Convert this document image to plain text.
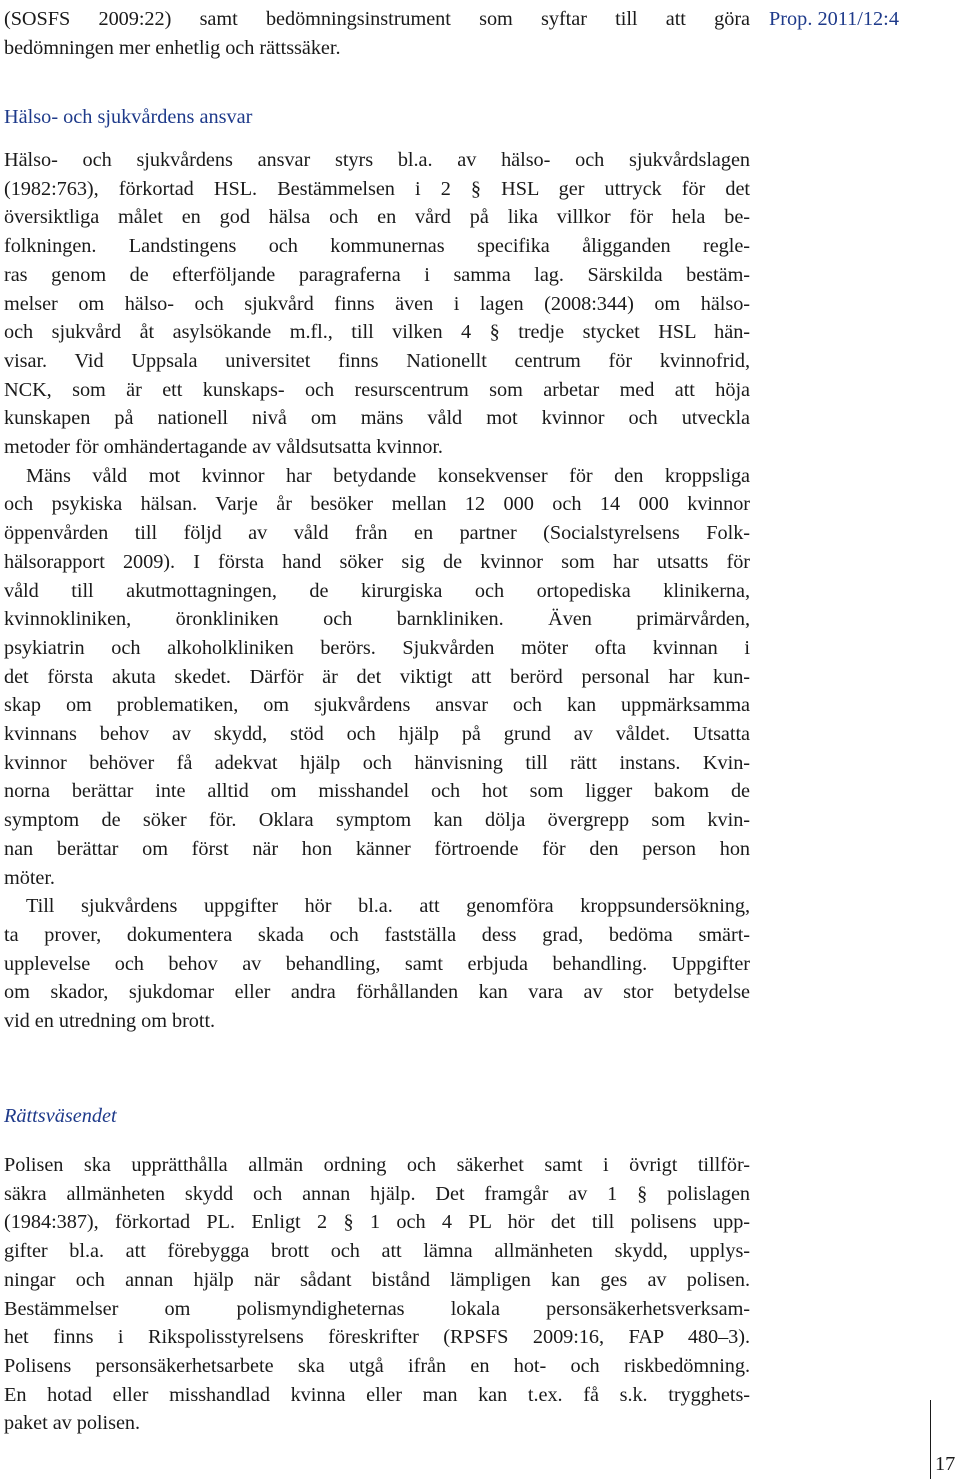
Prop. 2011/12:4
(SOSFS 2009:22) samt bedömningsinstrument som syftar till att göra
bedömningen mer enhetlig och rättssäker.
Hälso- och sjukvårdens ansvar
Hälso- och sjukvårdens ansvar styrs bl.a. av hälso- och sjukvårdslagen
(1982:763), förkortad HSL. Bestämmelsen i 2 § HSL ger uttryck för det
översiktliga målet en god hälsa och en vård på lika villkor för hela be-
folkningen. Landstingens och kommunernas specifika åligganden regle-
ras genom de efterföljande paragraferna i samma lag. Särskilda bestäm-
melser om hälso- och sjukvård finns även i lagen (2008:344) om hälso-
och sjukvård åt asylsökande m.fl., till vilken 4 § tredje stycket HSL hän-
visar. Vid Uppsala universitet finns Nationellt centrum för kvinnofrid,
NCK, som är ett kunskaps- och resurscentrum som arbetar med att höja
kunskapen på nationell nivå om mäns våld mot kvinnor och utveckla
metoder för omhändertagande av våldsutsatta kvinnor.
Mäns våld mot kvinnor har betydande konsekvenser för den kroppsliga
och psykiska hälsan. Varje år besöker mellan 12 000 och 14 000 kvinnor
öppenvården till följd av våld från en partner (Socialstyrelsens Folk-
hälsorapport 2009). I första hand söker sig de kvinnor som har utsatts för
våld till akutmottagningen, de kirurgiska och ortopediska klinikerna,
kvinnokliniken, öronkliniken och barnkliniken. Även primärvården,
psykiatrin och alkoholkliniken berörs. Sjukvården möter ofta kvinnan i
det första akuta skedet. Därför är det viktigt att berörd personal har kun-
skap om problematiken, om sjukvårdens ansvar och kan uppmärksamma
kvinnans behov av skydd, stöd och hjälp på grund av våldet. Utsatta
kvinnor behöver få adekvat hjälp och hänvisning till rätt instans. Kvin-
norna berättar inte alltid om misshandel och hot som ligger bakom de
symptom de söker för. Oklara symptom kan dölja övergrepp som kvin-
nan berättar om först när hon känner förtroende för den person hon
möter.
Till sjukvårdens uppgifter hör bl.a. att genomföra kroppsundersökning,
ta prover, dokumentera skada och fastställa dess grad, bedöma smärt-
upplevelse och behov av behandling, samt erbjuda behandling. Uppgifter
om skador, sjukdomar eller andra förhållanden kan vara av stor betydelse
vid en utredning om brott.
Rättsväsendet
Polisen ska upprätthålla allmän ordning och säkerhet samt i övrigt tillför-
säkra allmänheten skydd och annan hjälp. Det framgår av 1 § polislagen
(1984:387), förkortad PL. Enligt 2 § 1 och 4 PL hör det till polisens upp-
gifter bl.a. att förebygga brott och att lämna allmänheten skydd, upplys-
ningar och annan hjälp när sådant bistånd lämpligen kan ges av polisen.
Bestämmelser om polismyndigheternas lokala personsäkerhetsverksam-
het finns i Rikspolisstyrelsens föreskrifter (RPSFS 2009:16, FAP 480–3).
Polisens personsäkerhetsarbete ska utgå ifrån en hot- och riskbedömning.
En hotad eller misshandlad kvinna eller man kan t.ex. få s.k. trygghets-
paket av polisen.
17
